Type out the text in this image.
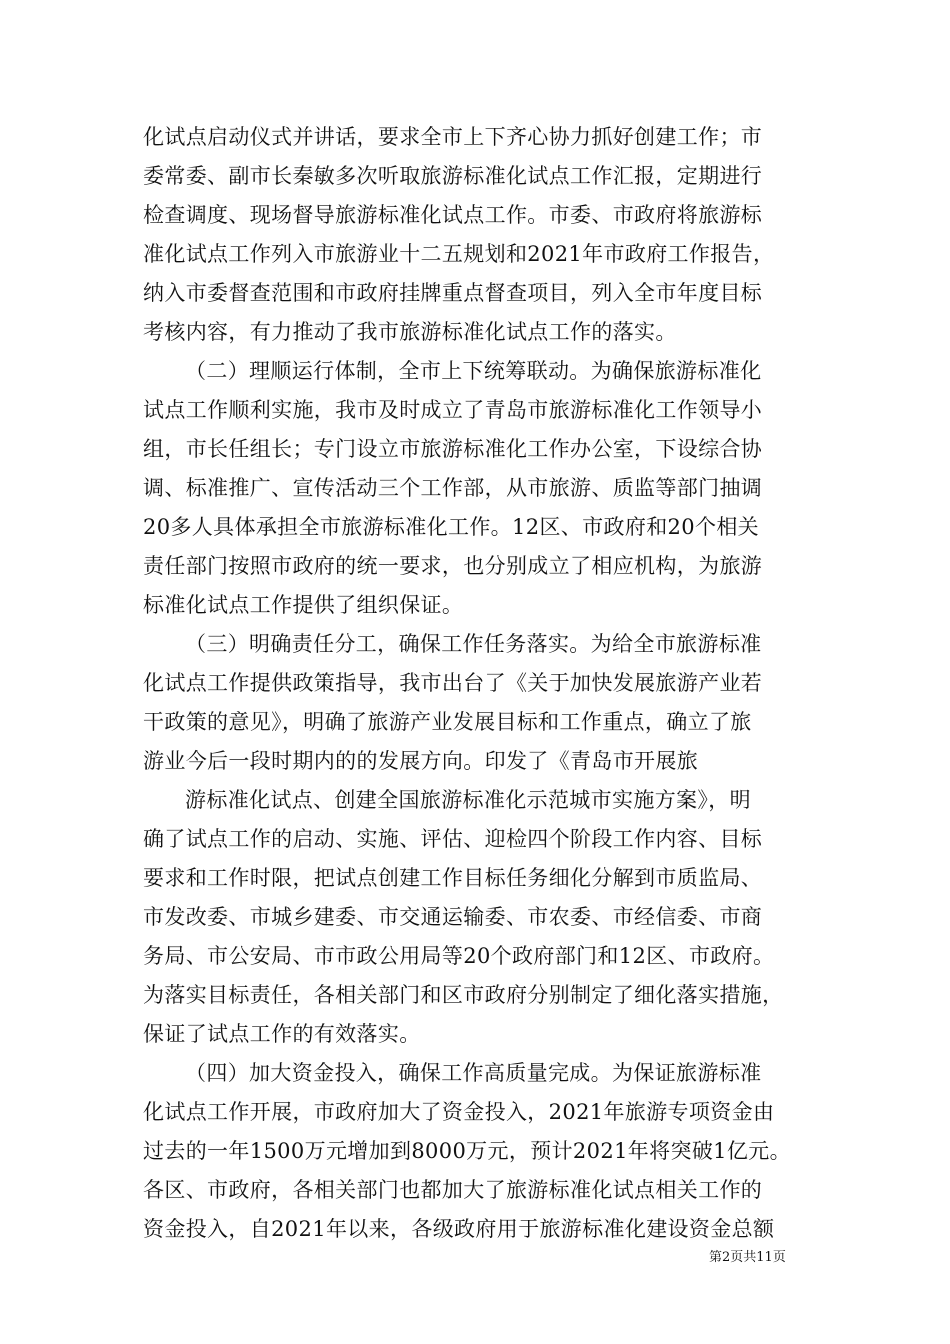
化试点启动仪式并讲话，要求全市上下齐心协力抓好创建工作；市
委常委、副市长秦敏多次听取旅游标准化试点工作汇报，定期进行
检查调度、现场督导旅游标准化试点工作。市委、市政府将旅游标
准化试点工作列入市旅游业十二五规划和2021年市政府工作报告，
纳入市委督查范围和市政府挂牌重点督查项目，列入全市年度目标
考核内容，有力推动了我市旅游标准化试点工作的落实。
（二）理顺运行体制，全市上下统筹联动。为确保旅游标准化
试点工作顺利实施，我市及时成立了青岛市旅游标准化工作领导小
组，市长任组长；专门设立市旅游标准化工作办公室，下设综合协
调、标准推广、宣传活动三个工作部，从市旅游、质监等部门抽调
20多人具体承担全市旅游标准化工作。12区、市政府和20个相关
责任部门按照市政府的统一要求，也分别成立了相应机构，为旅游
标准化试点工作提供了组织保证。
（三）明确责任分工，确保工作任务落实。为给全市旅游标准
化试点工作提供政策指导，我市出台了《关于加快发展旅游产业若
干政策的意见》，明确了旅游产业发展目标和工作重点，确立了旅
游业今后一段时期内的的发展方向。印发了《青岛市开展旅
游标准化试点、创建全国旅游标准化示范城市实施方案》，明
确了试点工作的启动、实施、评估、迎检四个阶段工作内容、目标
要求和工作时限，把试点创建工作目标任务细化分解到市质监局、
市发改委、市城乡建委、市交通运输委、市农委、市经信委、市商
务局、市公安局、市市政公用局等20个政府部门和12区、市政府。
为落实目标责任，各相关部门和区市政府分别制定了细化落实措施，
保证了试点工作的有效落实。
（四）加大资金投入，确保工作高质量完成。为保证旅游标准
化试点工作开展，市政府加大了资金投入，2021年旅游专项资金由
过去的一年1500万元增加到8000万元，预计2021年将突破1亿元。
各区、市政府，各相关部门也都加大了旅游标准化试点相关工作的
资金投入，自2021年以来，各级政府用于旅游标准化建设资金总额
第2页共11页
